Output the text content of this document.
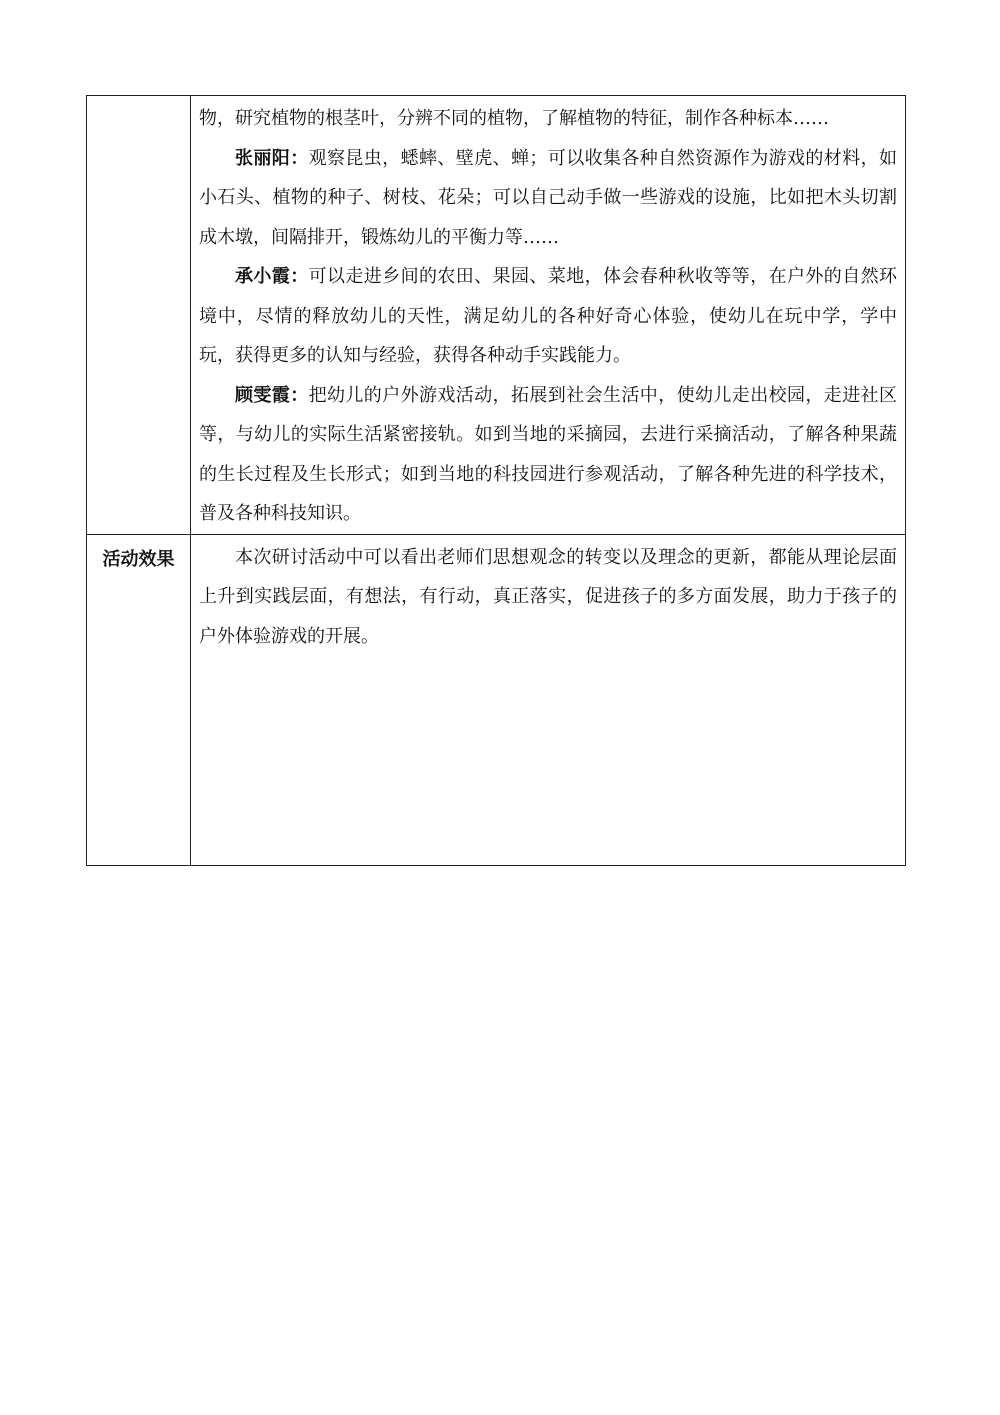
	物，研究植物的根茎叶，分辨不同的植物，了解植物的特征，制作各种标本……

张丽阳：观察昆虫，蟋蟀、壁虎、蝉；可以收集各种自然资源作为游戏的材料，如小石头、植物的种子、树枝、花朵；可以自己动手做一些游戏的设施，比如把木头切割成木墩，间隔排开，锻炼幼儿的平衡力等……

承小霞：可以走进乡间的农田、果园、菜地，体会春种秋收等等，在户外的自然环境中，尽情的释放幼儿的天性，满足幼儿的各种好奇心体验，使幼儿在玩中学，学中玩，获得更多的认知与经验，获得各种动手实践能力。

顾雯霞：把幼儿的户外游戏活动，拓展到社会生活中，使幼儿走出校园，走进社区等，与幼儿的实际生活紧密接轨。如到当地的采摘园，去进行采摘活动，了解各种果蔬的生长过程及生长形式；如到当地的科技园进行参观活动，了解各种先进的科学技术，普及各种科技知识。

活动效果	本次研讨活动中可以看出老师们思想观念的转变以及理念的更新，都能从理论层面上升到实践层面，有想法，有行动，真正落实，促进孩子的多方面发展，助力于孩子的户外体验游戏的开展。
